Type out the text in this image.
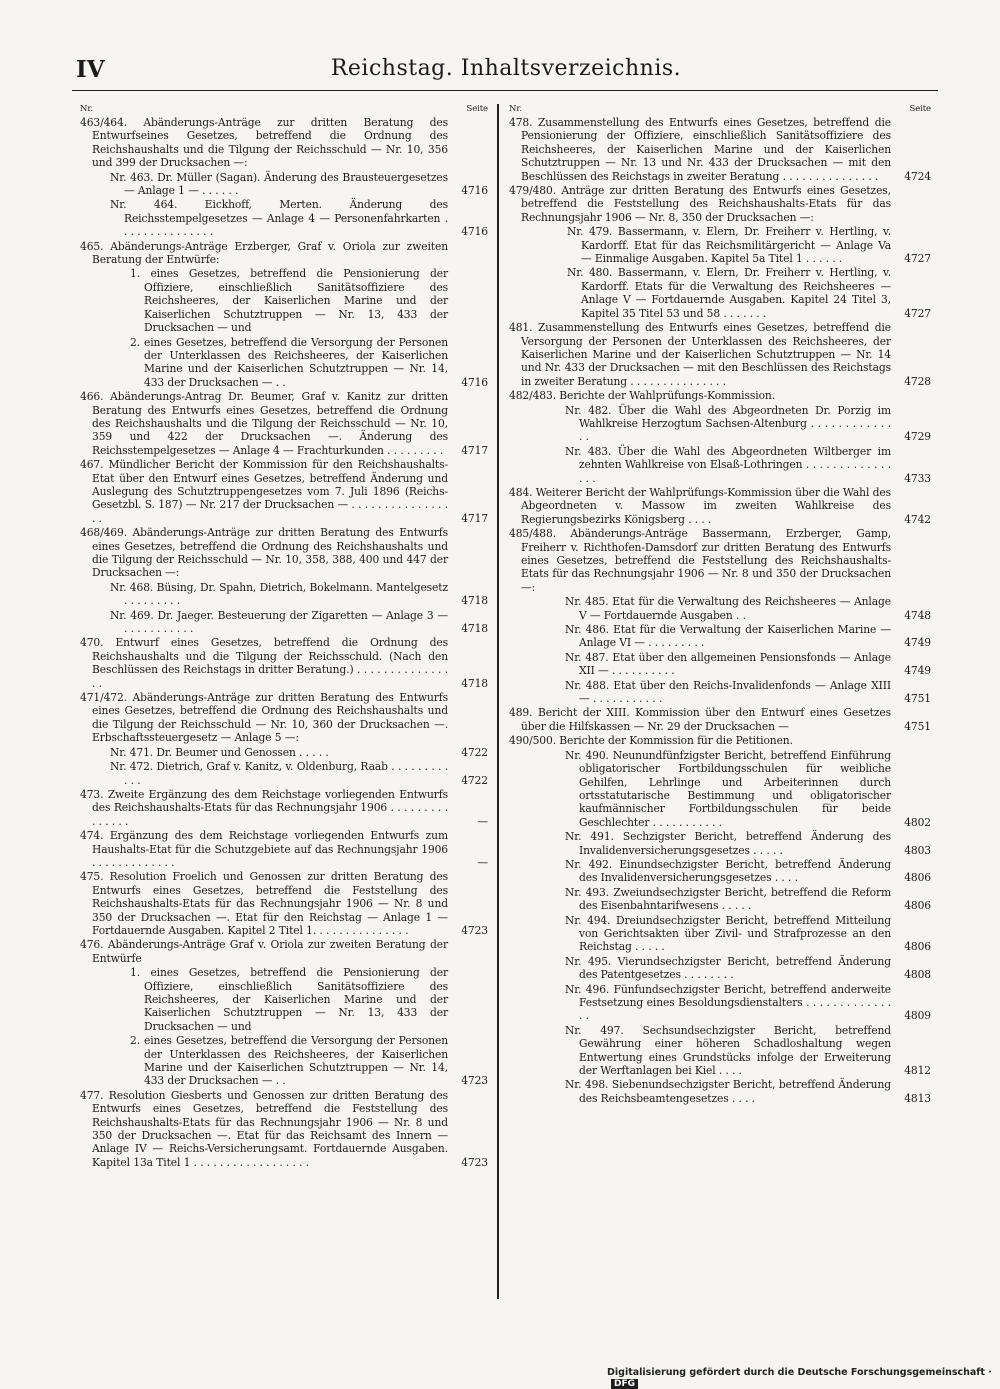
IV	Reichstag. Inhaltsverzeichnis.
Nr.	Seite
463/464. Abänderungs-Anträge zur dritten Beratung des Entwurfseines Gesetzes, betreffend die Ordnung des Reichshaushalts und die Tilgung der Reichsschuld — Nr. 10, 356 und 399 der Drucksachen —:
Nr. 463. Dr. Müller (Sagan). Änderung des Brausteuergesetzes — Anlage 1 — . . . . . .	4716
Nr. 464. Eickhoff, Merten. Änderung des Reichsstempelgesetzes — Anlage 4 — Personenfahrkarten . . . . . . . . . . . . . . .	4716
465. Abänderungs-Anträge Erzberger, Graf v. Oriola zur zweiten Beratung der Entwürfe:
1. eines Gesetzes, betreffend die Pensionierung der Offiziere, einschließlich Sanitätsoffiziere des Reichsheeres, der Kaiserlichen Marine und der Kaiserlichen Schutztruppen — Nr. 13, 433 der Drucksachen — und
2. eines Gesetzes, betreffend die Versorgung der Personen der Unterklassen des Reichsheeres, der Kaiserlichen Marine und der Kaiserlichen Schutztruppen — Nr. 14, 433 der Drucksachen — . .	4716
466. Abänderungs-Antrag Dr. Beumer, Graf v. Kanitz zur dritten Beratung des Entwurfs eines Gesetzes, betreffend die Ordnung des Reichshaushalts und die Tilgung der Reichsschuld — Nr. 10, 359 und 422 der Drucksachen —. Änderung des Reichsstempelgesetzes — Anlage 4 — Frachturkunden . . . . . . . . .	4717
467. Mündlicher Bericht der Kommission für den Reichshaushalts-Etat über den Entwurf eines Gesetzes, betreffend Änderung und Auslegung des Schutztruppengesetzes vom 7. Juli 1896 (Reichs-Gesetzbl. S. 187) — Nr. 217 der Drucksachen — . . . . . . . . . . . . . . . . .	4717
468/469. Abänderungs-Anträge zur dritten Beratung des Entwurfs eines Gesetzes, betreffend die Ordnung des Reichshaushalts und die Tilgung der Reichsschuld — Nr. 10, 358, 388, 400 und 447 der Drucksachen —:
Nr. 468. Büsing, Dr. Spahn, Dietrich, Bokelmann. Mantelgesetz . . . . . . . . .	4718
Nr. 469. Dr. Jaeger. Besteuerung der Zigaretten — Anlage 3 — . . . . . . . . . . .	4718
470. Entwurf eines Gesetzes, betreffend die Ordnung des Reichshaushalts und die Tilgung der Reichsschuld. (Nach den Beschlüssen des Reichstags in dritter Beratung.) . . . . . . . . . . . . . . . .	4718
471/472. Abänderungs-Anträge zur dritten Beratung des Entwurfs eines Gesetzes, betreffend die Ordnung des Reichshaushalts und die Tilgung der Reichsschuld — Nr. 10, 360 der Drucksachen —. Erbschaftssteuergesetz — Anlage 5 —:
Nr. 471. Dr. Beumer und Genossen . . . . .	4722
Nr. 472. Dietrich, Graf v. Kanitz, v. Oldenburg, Raab . . . . . . . . . . . .	4722
473. Zweite Ergänzung des dem Reichstage vorliegenden Entwurfs des Reichshaushalts-Etats für das Rechnungsjahr 1906 . . . . . . . . . . . . . . .	—
474. Ergänzung des dem Reichstage vorliegenden Entwurfs zum Haushalts-Etat für die Schutzgebiete auf das Rechnungsjahr 1906 . . . . . . . . . . . . .	—
475. Resolution Froelich und Genossen zur dritten Beratung des Entwurfs eines Gesetzes, betreffend die Feststellung des Reichshaushalts-Etats für das Rechnungsjahr 1906 — Nr. 8 und 350 der Drucksachen —. Etat für den Reichstag — Anlage 1 — Fortdauernde Ausgaben. Kapitel 2 Titel 1. . . . . . . . . . . . . . .	4723
476. Abänderungs-Anträge Graf v. Oriola zur zweiten Beratung der Entwürfe
1. eines Gesetzes, betreffend die Pensionierung der Offiziere, einschließlich Sanitätsoffiziere des Reichsheeres, der Kaiserlichen Marine und der Kaiserlichen Schutztruppen — Nr. 13, 433 der Drucksachen — und
2. eines Gesetzes, betreffend die Versorgung der Personen der Unterklassen des Reichsheeres, der Kaiserlichen Marine und der Kaiserlichen Schutztruppen — Nr. 14, 433 der Drucksachen — . .	4723
477. Resolution Giesberts und Genossen zur dritten Beratung des Entwurfs eines Gesetzes, betreffend die Feststellung des Reichshaushalts-Etats für das Rechnungsjahr 1906 — Nr. 8 und 350 der Drucksachen —. Etat für das Reichsamt des Innern — Anlage IV — Reichs-Versicherungsamt. Fortdauernde Ausgaben. Kapitel 13a Titel 1 . . . . . . . . . . . . . . . . . .	4723
Nr.	Seite
478. Zusammenstellung des Entwurfs eines Gesetzes, betreffend die Pensionierung der Offiziere, einschließlich Sanitätsoffiziere des Reichsheeres, der Kaiserlichen Marine und der Kaiserlichen Schutztruppen — Nr. 13 und Nr. 433 der Drucksachen — mit den Beschlüssen des Reichstags in zweiter Beratung . . . . . . . . . . . . . . .	4724
479/480. Anträge zur dritten Beratung des Entwurfs eines Gesetzes, betreffend die Feststellung des Reichshaushalts-Etats für das Rechnungsjahr 1906 — Nr. 8, 350 der Drucksachen —:
Nr. 479. Bassermann, v. Elern, Dr. Freiherr v. Hertling, v. Kardorff. Etat für das Reichsmilitärgericht — Anlage Va — Einmalige Ausgaben. Kapitel 5a Titel 1 . . . . . .	4727
Nr. 480. Bassermann, v. Elern, Dr. Freiherr v. Hertling, v. Kardorff. Etats für die Verwaltung des Reichsheeres — Anlage V — Fortdauernde Ausgaben. Kapitel 24 Titel 3, Kapitel 35 Titel 53 und 58 . . . . . . .	4727
481. Zusammenstellung des Entwurfs eines Gesetzes, betreffend die Versorgung der Personen der Unterklassen des Reichsheeres, der Kaiserlichen Marine und der Kaiserlichen Schutztruppen — Nr. 14 und Nr. 433 der Drucksachen — mit den Beschlüssen des Reichstags in zweiter Beratung . . . . . . . . . . . . . . .	4728
482/483. Berichte der Wahlprüfungs-Kommission.
Nr. 482. Über die Wahl des Abgeordneten Dr. Porzig im Wahlkreise Herzogtum Sachsen-Altenburg . . . . . . . . . . . . . .	4729
Nr. 483. Über die Wahl des Abgeordneten Wiltberger im zehnten Wahlkreise von Elsaß-Lothringen . . . . . . . . . . . . . . . .	4733
484. Weiterer Bericht der Wahlprüfungs-Kommission über die Wahl des Abgeordneten v. Massow im zweiten Wahlkreise des Regierungsbezirks Königsberg . . . .	4742
485/488. Abänderungs-Anträge Bassermann, Erzberger, Gamp, Freiherr v. Richthofen-Damsdorf zur dritten Beratung des Entwurfs eines Gesetzes, betreffend die Feststellung des Reichshaushalts-Etats für das Rechnungsjahr 1906 — Nr. 8 und 350 der Drucksachen —:
Nr. 485. Etat für die Verwaltung des Reichsheeres — Anlage V — Fortdauernde Ausgaben . .	4748
Nr. 486. Etat für die Verwaltung der Kaiserlichen Marine — Anlage VI — . . . . . . . . .	4749
Nr. 487. Etat über den allgemeinen Pensionsfonds — Anlage XII — . . . . . . . . . .	4749
Nr. 488. Etat über den Reichs-Invalidenfonds — Anlage XIII — . . . . . . . . . . .	4751
489. Bericht der XIII. Kommission über den Entwurf eines Gesetzes über die Hilfskassen — Nr. 29 der Drucksachen —	4751
490/500. Berichte der Kommission für die Petitionen.
Nr. 490. Neunundfünfzigster Bericht, betreffend Einführung obligatorischer Fortbildungsschulen für weibliche Gehilfen, Lehrlinge und Arbeiterinnen durch ortsstatutarische Bestimmung und obligatorischer kaufmännischer Fortbildungsschulen für beide Geschlechter . . . . . . . . . . .	4802
Nr. 491. Sechzigster Bericht, betreffend Änderung des Invalidenversicherungsgesetzes . . . . .	4803
Nr. 492. Einundsechzigster Bericht, betreffend Änderung des Invalidenversicherungsgesetzes . . . .	4806
Nr. 493. Zweiundsechzigster Bericht, betreffend die Reform des Eisenbahntarifwesens . . . . .	4806
Nr. 494. Dreiundsechzigster Bericht, betreffend Mitteilung von Gerichtsakten über Zivil- und Strafprozesse an den Reichstag . . . . .	4806
Nr. 495. Vierundsechzigster Bericht, betreffend Änderung des Patentgesetzes . . . . . . . .	4808
Nr. 496. Fünfundsechzigster Bericht, betreffend anderweite Festsetzung eines Besoldungsdienstalters . . . . . . . . . . . . . . .	4809
Nr. 497. Sechsundsechzigster Bericht, betreffend Gewährung einer höheren Schadloshaltung wegen Entwertung eines Grundstücks infolge der Erweiterung der Werftanlagen bei Kiel . . . .	4812
Nr. 498. Siebenundsechzigster Bericht, betreffend Änderung des Reichsbeamtengesetzes . . . .	4813
Digitalisierung gefördert durch die Deutsche Forschungsgemeinschaft ·DFG
